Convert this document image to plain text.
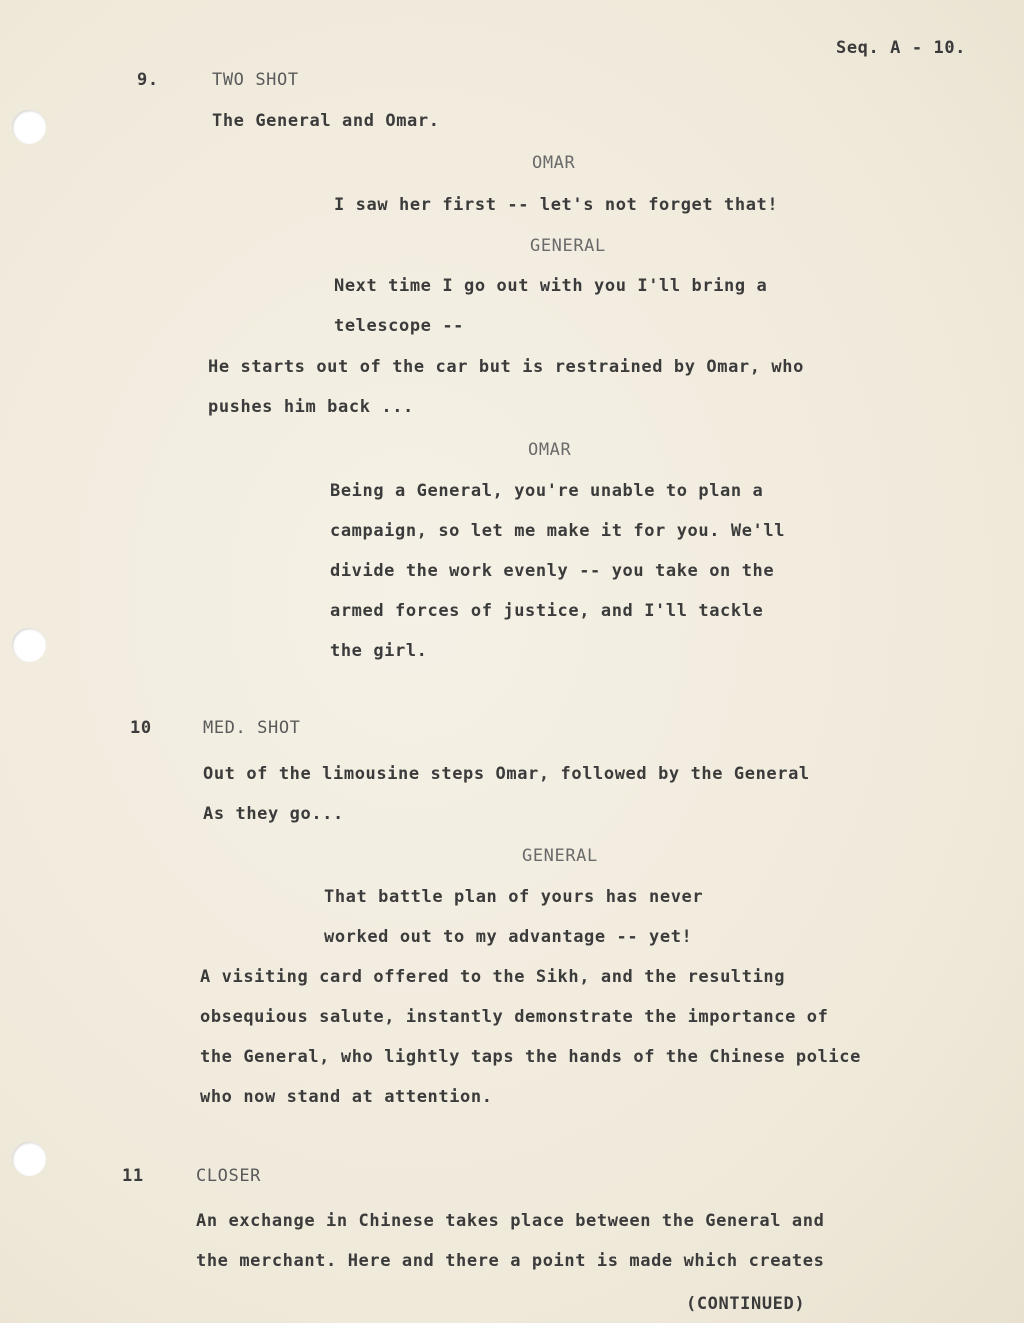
Seq. A - 10.
9.	TWO SHOT
The General and Omar.
OMAR
I saw her first -- let's not forget that!
GENERAL
Next time I go out with you I'll bring a
telescope --
He starts out of the car but is restrained by Omar, who
pushes him back ...
OMAR
Being a General, you're unable to plan a
campaign, so let me make it for you. We'll
divide the work evenly -- you take on the
armed forces of justice, and I'll tackle
the girl.
10	MED. SHOT
Out of the limousine steps Omar, followed by the General
As they go...
GENERAL
That battle plan of yours has never
worked out to my advantage -- yet!
A visiting card offered to the Sikh, and the resulting
obsequious salute, instantly demonstrate the importance of
the General, who lightly taps the hands of the Chinese police
who now stand at attention.
11	CLOSER
An exchange in Chinese takes place between the General and
the merchant. Here and there a point is made which creates
(CONTINUED)
